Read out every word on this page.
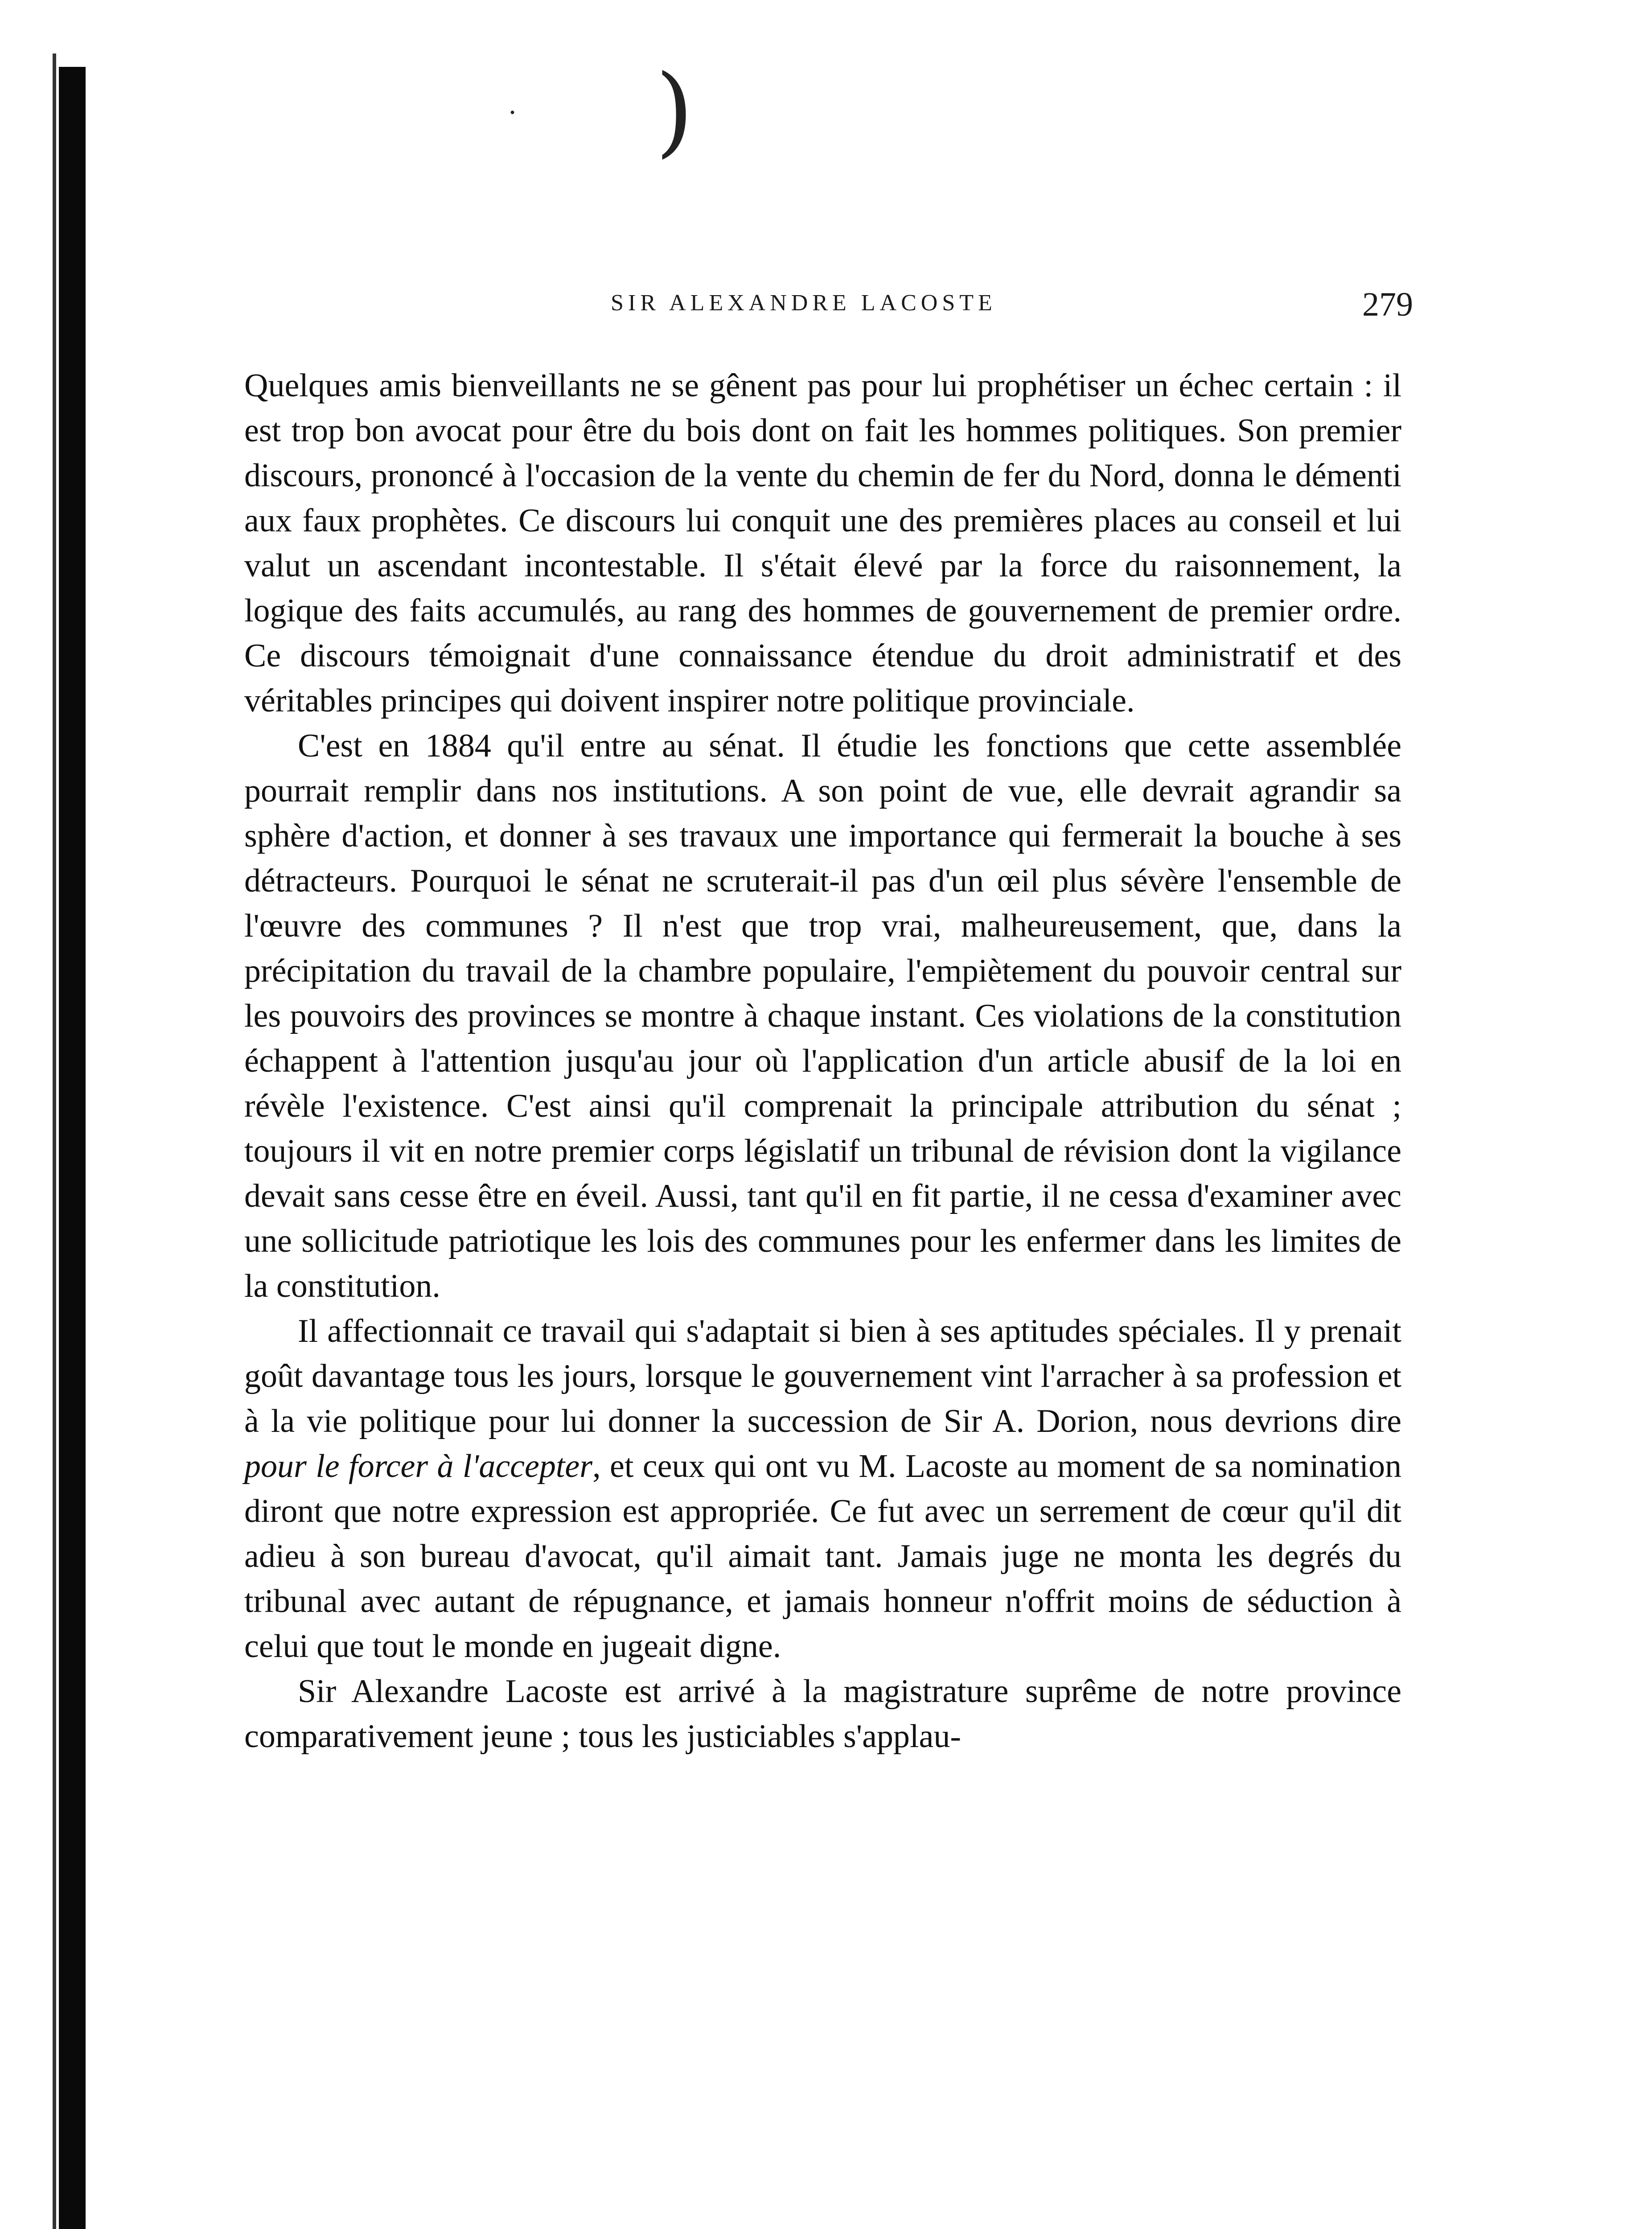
. )
SIR ALEXANDRE LACOSTE	279

Quelques amis bienveillants ne se gênent pas pour lui prophétiser un échec certain : il est trop bon avocat pour être du bois dont on fait les hommes politiques. Son premier discours, prononcé à l'occasion de la vente du chemin de fer du Nord, donna le démenti aux faux prophètes. Ce discours lui conquit une des premières places au conseil et lui valut un ascendant incontestable. Il s'était élevé par la force du raisonnement, la logique des faits accumulés, au rang des hommes de gouvernement de premier ordre. Ce discours témoignait d'une connaissance étendue du droit administratif et des véritables principes qui doivent inspirer notre politique provinciale.

C'est en 1884 qu'il entre au sénat. Il étudie les fonctions que cette assemblée pourrait remplir dans nos institutions. A son point de vue, elle devrait agrandir sa sphère d'action, et donner à ses travaux une importance qui fermerait la bouche à ses détracteurs. Pourquoi le sénat ne scruterait-il pas d'un œil plus sévère l'ensemble de l'œuvre des communes ? Il n'est que trop vrai, malheureusement, que, dans la précipitation du travail de la chambre populaire, l'empiètement du pouvoir central sur les pouvoirs des provinces se montre à chaque instant. Ces violations de la constitution échappent à l'attention jusqu'au jour où l'application d'un article abusif de la loi en révèle l'existence. C'est ainsi qu'il comprenait la principale attribution du sénat ; toujours il vit en notre premier corps législatif un tribunal de révision dont la vigilance devait sans cesse être en éveil. Aussi, tant qu'il en fit partie, il ne cessa d'examiner avec une sollicitude patriotique les lois des communes pour les enfermer dans les limites de la constitution.

Il affectionnait ce travail qui s'adaptait si bien à ses aptitudes spéciales. Il y prenait goût davantage tous les jours, lorsque le gouvernement vint l'arracher à sa profession et à la vie politique pour lui donner la succession de Sir A. Dorion, nous devrions dire pour le forcer à l'accepter, et ceux qui ont vu M. Lacoste au moment de sa nomination diront que notre expression est appropriée. Ce fut avec un serrement de cœur qu'il dit adieu à son bureau d'avocat, qu'il aimait tant. Jamais juge ne monta les degrés du tribunal avec autant de répugnance, et jamais honneur n'offrit moins de séduction à celui que tout le monde en jugeait digne.

Sir Alexandre Lacoste est arrivé à la magistrature suprême de notre province comparativement jeune ; tous les justiciables s'applau-
